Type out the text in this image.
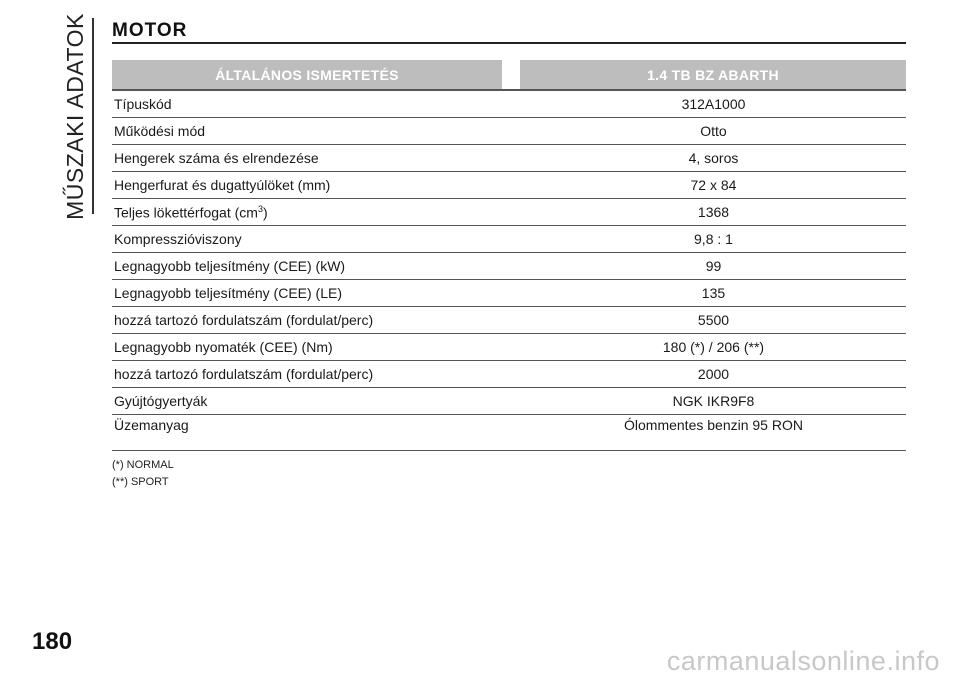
MŰSZAKI ADATOK MOTOR
ÁLTALÁNOS ISMERTETÉS	1.4 TB BZ ABARTH
Típuskód	312A1000
Működési mód	Otto
Hengerek száma és elrendezése	4, soros
Hengerfurat és dugattyúlöket (mm)	72 x 84
Teljes lökettérfogat $(cm^3)$	1368
Kompresszióviszony	9,8 : 1
Legnagyobb teljesítmény (CEE) (kW)	99
Legnagyobb teljesítmény (CEE) (LE)	135
hozzá tartozó fordulatszám (fordulat/perc)	5500
Legnagyobb nyomaték (CEE) (Nm)	180 (*) / 206 (**)
hozzá tartozó fordulatszám (fordulat/perc)	2000
Gyújtógyertyák	NGK IKR9F8
Üzemanyag	Ólommentes benzin 95 RON
(*) NORMAL
(**) SPORT
180
carmanualsonline.info
